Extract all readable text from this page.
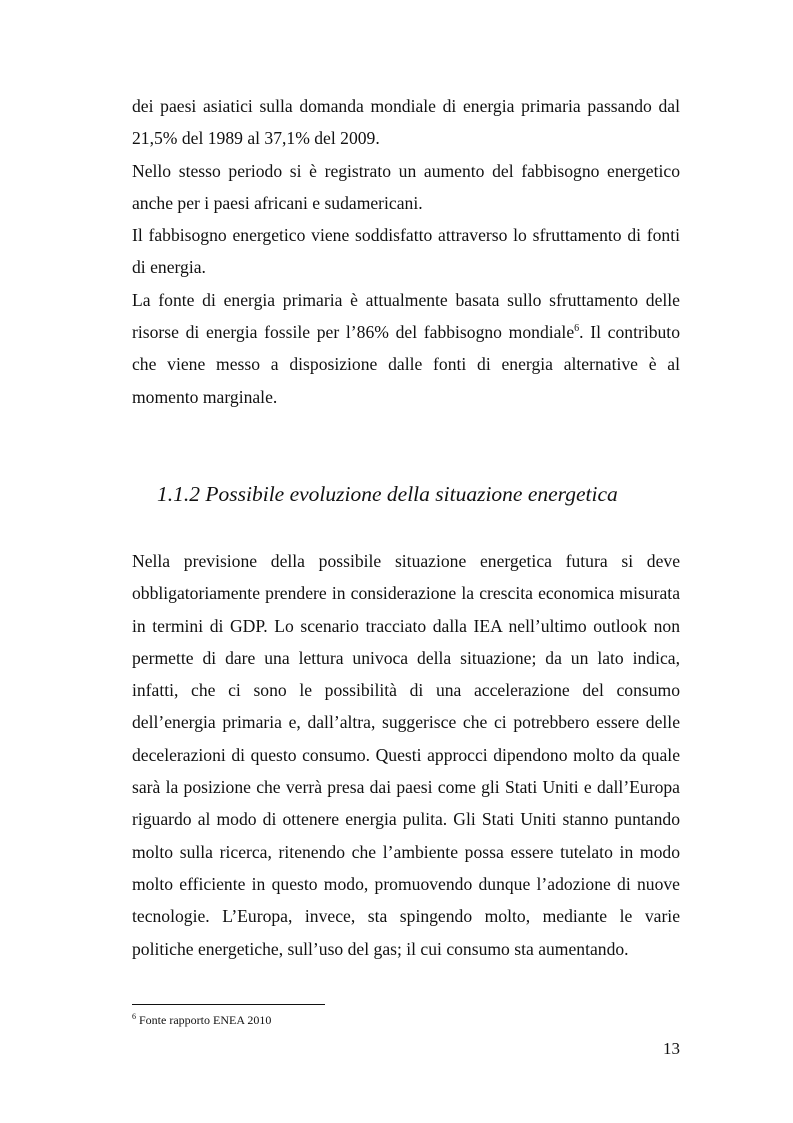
dei paesi asiatici sulla domanda mondiale di energia primaria passando dal 21,5% del 1989 al 37,1% del 2009.

Nello stesso periodo si è registrato un aumento del fabbisogno energetico anche per i paesi africani e sudamericani.

Il fabbisogno energetico viene soddisfatto attraverso lo sfruttamento di fonti di energia.

La fonte di energia primaria è attualmente basata sullo sfruttamento delle risorse di energia fossile per l’86% del fabbisogno mondiale$^6$. Il contributo che viene messo a disposizione dalle fonti di energia alternative è al momento marginale.

1.1.2 Possibile evoluzione della situazione energetica

Nella previsione della possibile situazione energetica futura si deve obbligatoriamente prendere in considerazione la crescita economica misurata in termini di GDP. Lo scenario tracciato dalla IEA nell’ultimo outlook non permette di dare una lettura univoca della situazione; da un lato indica, infatti, che ci sono le possibilità di una accelerazione del consumo dell’energia primaria e, dall’altra, suggerisce che ci potrebbero essere delle decelerazioni di questo consumo. Questi approcci dipendono molto da quale sarà la posizione che verrà presa dai paesi come gli Stati Uniti e dall’Europa riguardo al modo di ottenere energia pulita. Gli Stati Uniti stanno puntando molto sulla ricerca, ritenendo che l’ambiente possa essere tutelato in modo molto efficiente in questo modo, promuovendo dunque l’adozione di nuove tecnologie. L’Europa, invece, sta spingendo molto, mediante le varie politiche energetiche, sull’uso del gas; il cui consumo sta aumentando.

$^6$ Fonte rapporto ENEA 2010
13
